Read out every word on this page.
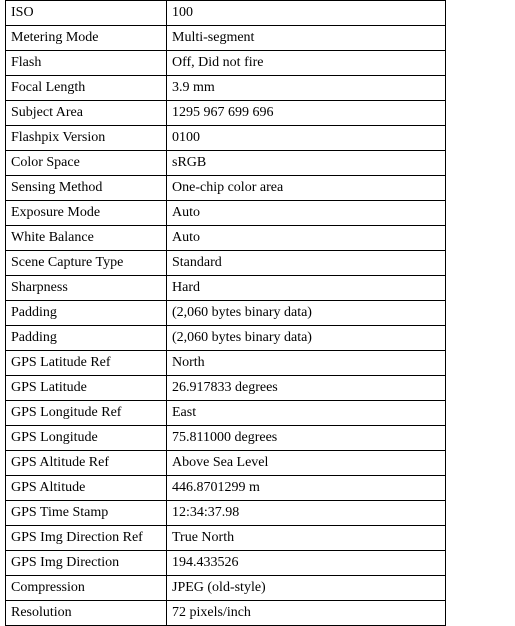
ISO	100
Metering Mode	Multi-segment
Flash	Off, Did not fire
Focal Length	3.9 mm
Subject Area	1295 967 699 696
Flashpix Version	0100
Color Space	sRGB
Sensing Method	One-chip color area
Exposure Mode	Auto
White Balance	Auto
Scene Capture Type	Standard
Sharpness	Hard
Padding	(2,060 bytes binary data)
Padding	(2,060 bytes binary data)
GPS Latitude Ref	North
GPS Latitude	26.917833 degrees
GPS Longitude Ref	East
GPS Longitude	75.811000 degrees
GPS Altitude Ref	Above Sea Level
GPS Altitude	446.8701299 m
GPS Time Stamp	12:34:37.98
GPS Img Direction Ref	True North
GPS Img Direction	194.433526
Compression	JPEG (old-style)
Resolution	72 pixels/inch
